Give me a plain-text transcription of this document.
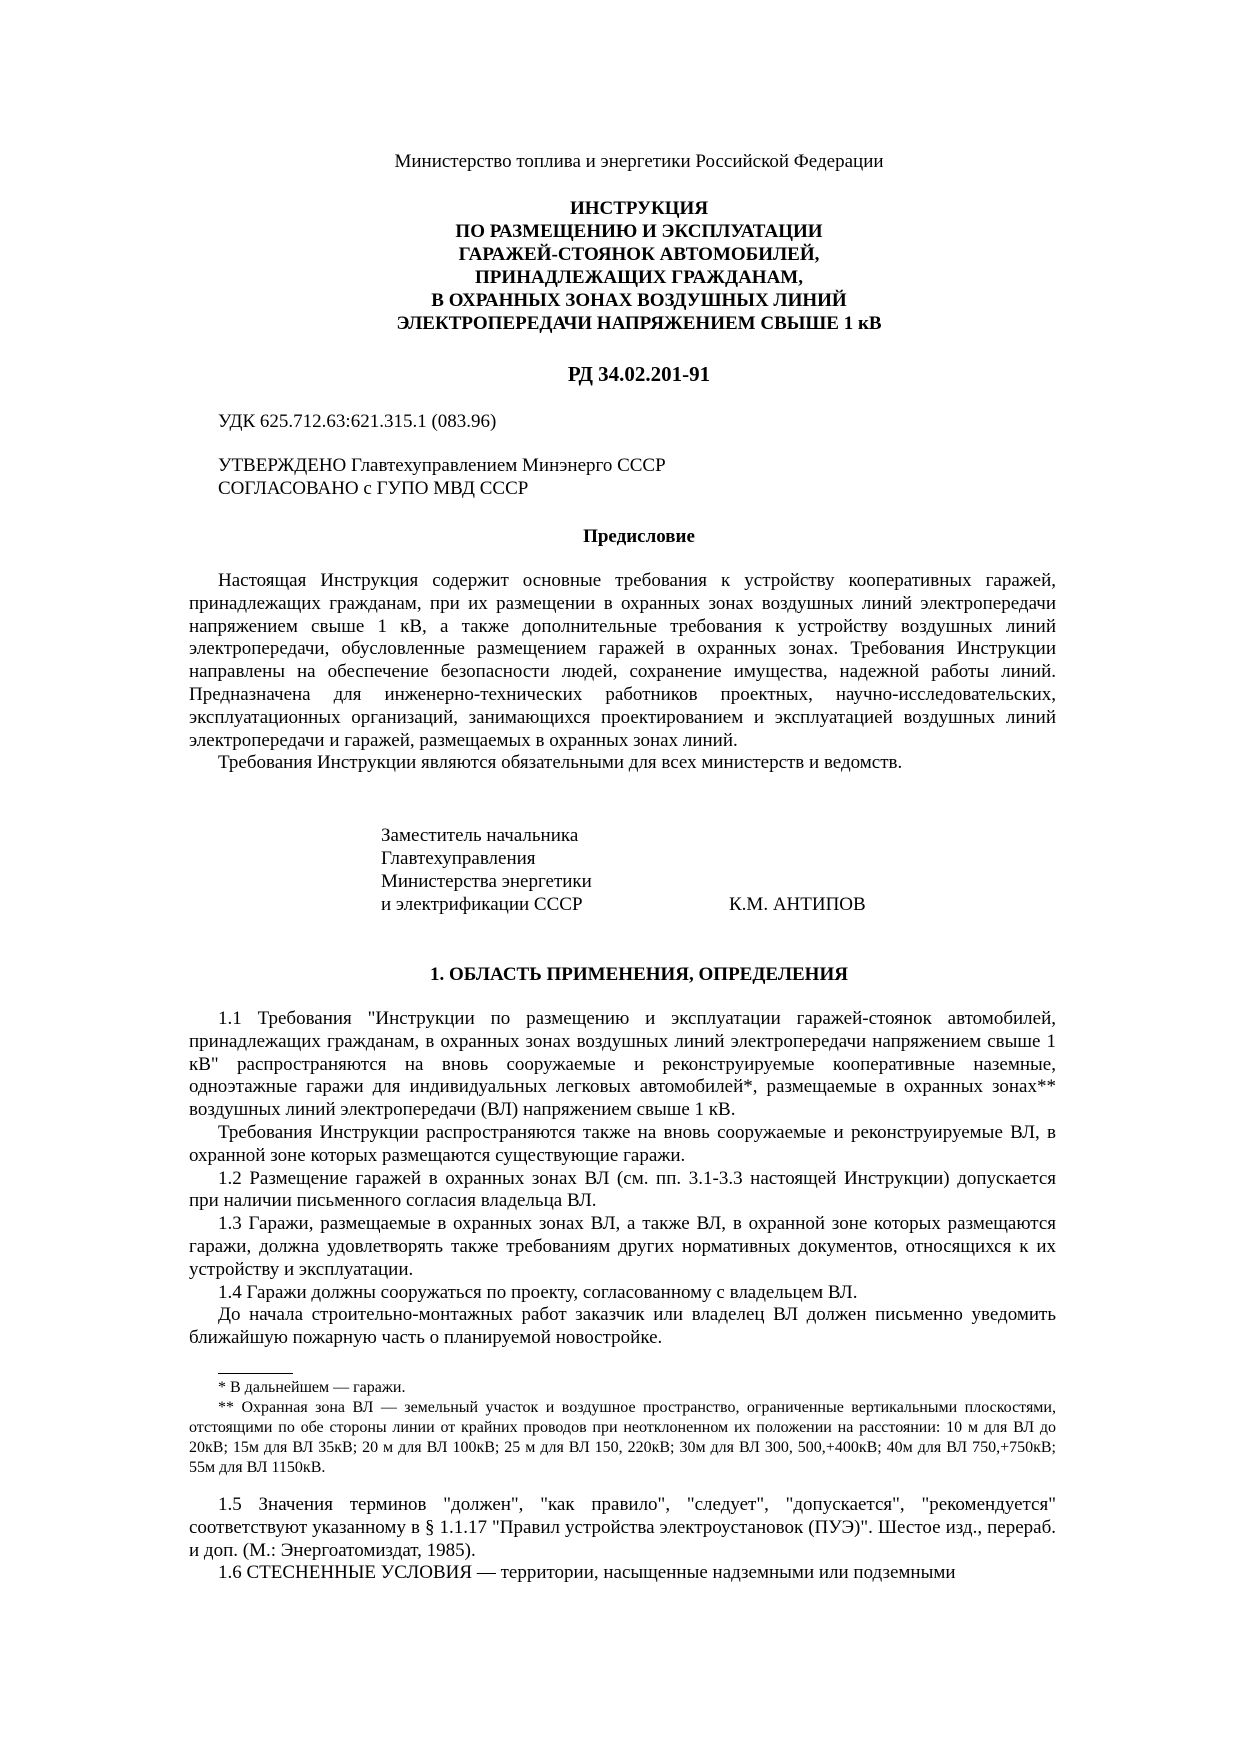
Министерство топлива и энергетики Российской Федерации
ИНСТРУКЦИЯ
ПО РАЗМЕЩЕНИЮ И ЭКСПЛУАТАЦИИ
ГАРАЖЕЙ-СТОЯНОК АВТОМОБИЛЕЙ,
ПРИНАДЛЕЖАЩИХ ГРАЖДАНАМ,
В ОХРАННЫХ ЗОНАХ ВОЗДУШНЫХ ЛИНИЙ
ЭЛЕКТРОПЕРЕДАЧИ НАПРЯЖЕНИЕМ СВЫШЕ 1 кВ
РД 34.02.201-91
УДК 625.712.63:621.315.1 (083.96)
УТВЕРЖДЕНО Главтехуправлением Минэнерго СССР
СОГЛАСОВАНО с ГУПО МВД СССР
Предисловие

Настоящая Инструкция содержит основные требования к устройству кооперативных гаражей, принадлежащих гражданам, при их размещении в охранных зонах воздушных линий электропередачи напряжением свыше 1 кВ, а также дополнительные требования к устройству воздушных линий электропередачи, обусловленные размещением гаражей в охранных зонах. Требования Инструкции направлены на обеспечение безопасности людей, сохранение имущества, надежной работы линий. Предназначена для инженерно-технических работников проектных, научно-исследовательских, эксплуатационных организаций, занимающихся проектированием и эксплуатацией воздушных линий электропередачи и гаражей, размещаемых в охранных зонах линий.

Требования Инструкции являются обязательными для всех министерств и ведомств.

Заместитель начальника
Главтехуправления
Министерства энергетики
и электрификации СССР	К.М. АНТИПОВ
1. ОБЛАСТЬ ПРИМЕНЕНИЯ, ОПРЕДЕЛЕНИЯ

1.1 Требования "Инструкции по размещению и эксплуатации гаражей-стоянок автомобилей, принадлежащих гражданам, в охранных зонах воздушных линий электропередачи напряжением свыше 1 кВ" распространяются на вновь сооружаемые и реконструируемые кооперативные наземные, одноэтажные гаражи для индивидуальных легковых автомобилей*, размещаемые в охранных зонах** воздушных линий электропередачи (ВЛ) напряжением свыше 1 кВ.

Требования Инструкции распространяются также на вновь сооружаемые и реконструируемые ВЛ, в охранной зоне которых размещаются существующие гаражи.

1.2 Размещение гаражей в охранных зонах ВЛ (см. пп. 3.1-3.3 настоящей Инструкции) допускается при наличии письменного согласия владельца ВЛ.

1.3 Гаражи, размещаемые в охранных зонах ВЛ, а также ВЛ, в охранной зоне которых размещаются гаражи, должна удовлетворять также требованиям других нормативных документов, относящихся к их устройству и эксплуатации.

1.4 Гаражи должны сооружаться по проекту, согласованному с владельцем ВЛ.

До начала строительно-монтажных работ заказчик или владелец ВЛ должен письменно уведомить ближайшую пожарную часть о планируемой новостройке.

* В дальнейшем — гаражи.

** Охранная зона ВЛ — земельный участок и воздушное пространство, ограниченные вертикальными плоскостями, отстоящими по обе стороны линии от крайних проводов при неотклоненном их положении на расстоянии: 10 м для ВЛ до 20кВ; 15м для ВЛ 35кВ; 20 м для ВЛ 100кВ; 25 м для ВЛ 150, 220кВ; 30м для ВЛ 300, 500,+400кВ; 40м для ВЛ 750,+750кВ; 55м для ВЛ 1150кВ.

1.5 Значения терминов "должен", "как правило", "следует", "допускается", "рекомендуется" соответствуют указанному в § 1.1.17 "Правил устройства электроустановок (ПУЭ)". Шестое изд., перераб. и доп. (М.: Энергоатомиздат, 1985).

1.6 СТЕСНЕННЫЕ УСЛОВИЯ — территории, насыщенные надземными или подземными
